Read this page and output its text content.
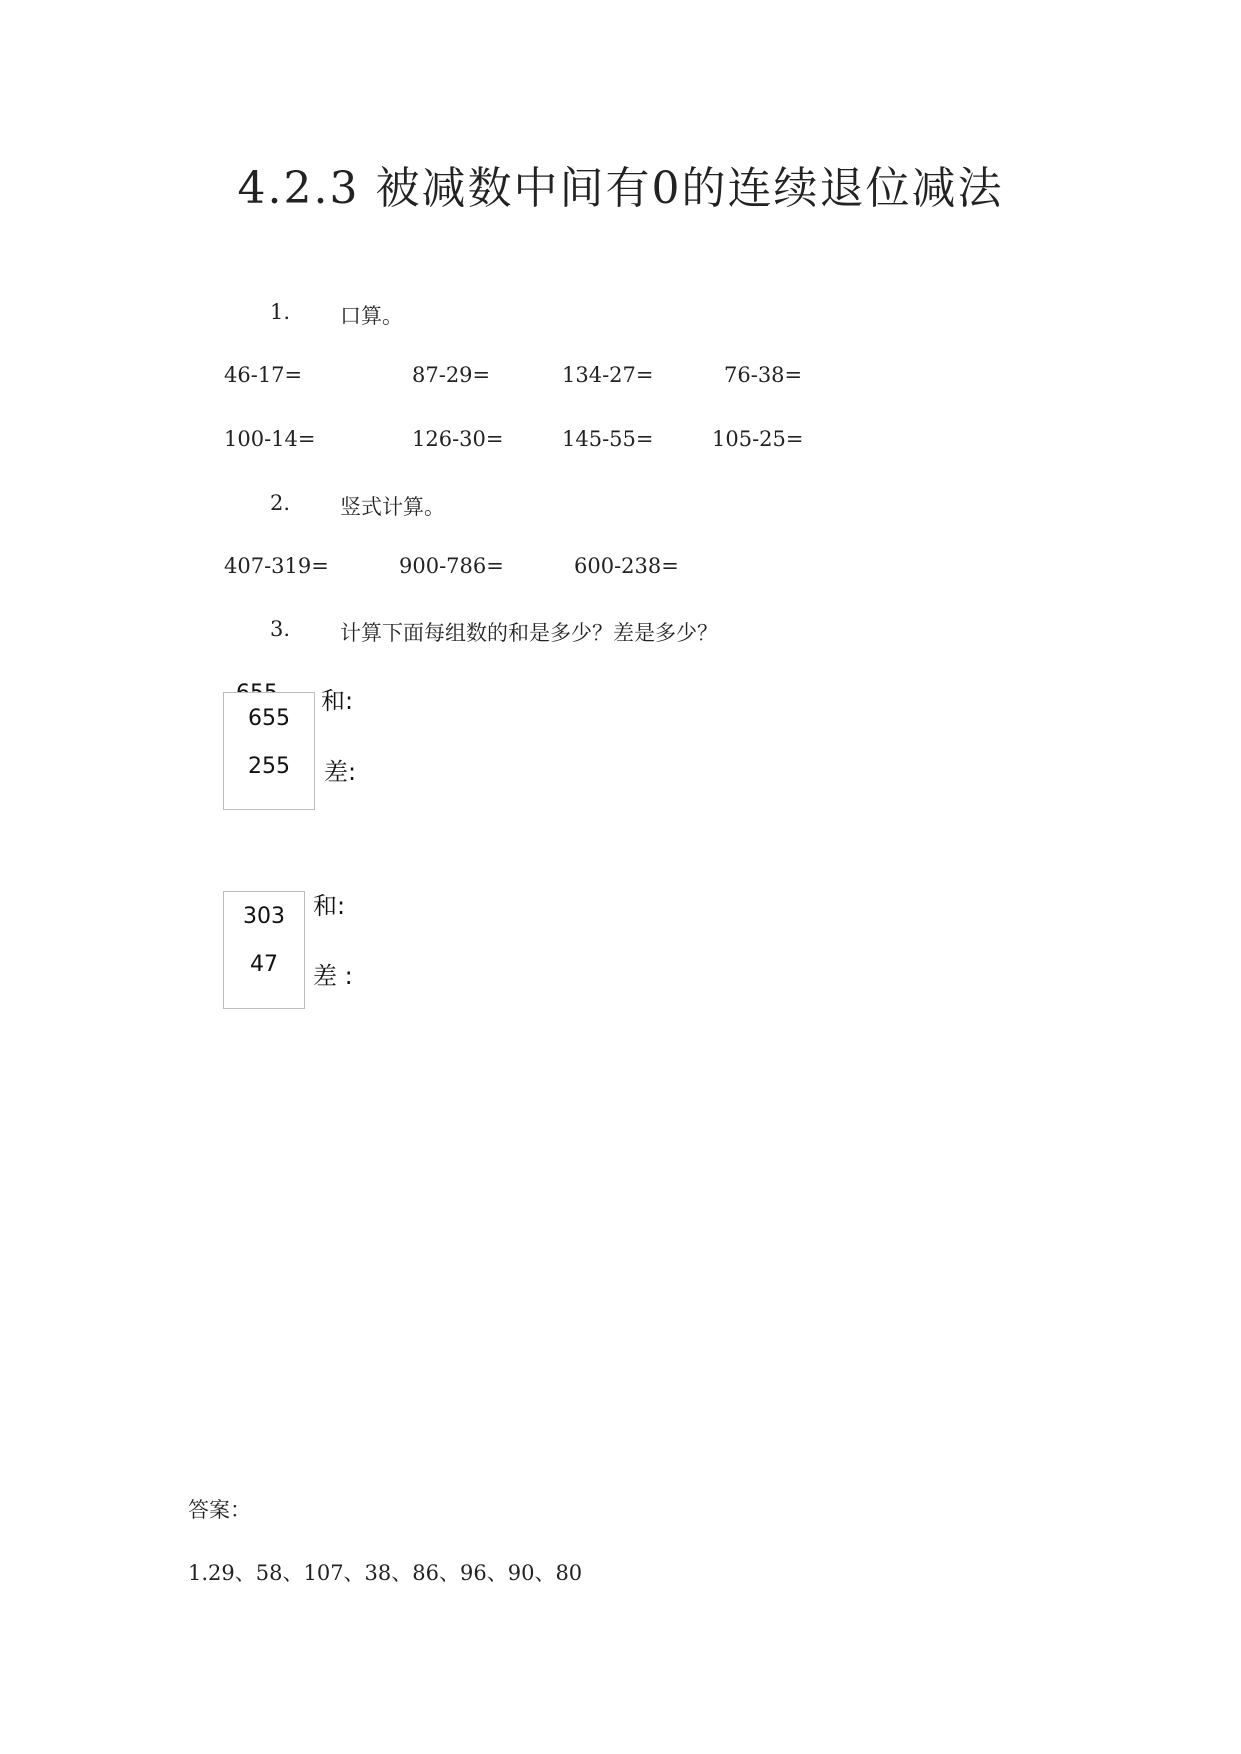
4.2.3 被减数中间有0的连续退位减法
1. 口算。
46-17=	87-29=	134-27=	76-38=
100-14=	126-30=	145-55=	105-25=
2. 竖式计算。
407-319=	900-786=	600-238=
3. 计算下面每组数的和是多少？差是多少？
655
255
和:
差:
303
47
和:
差 :
答案：
1.29、58、107、38、86、96、90、80
